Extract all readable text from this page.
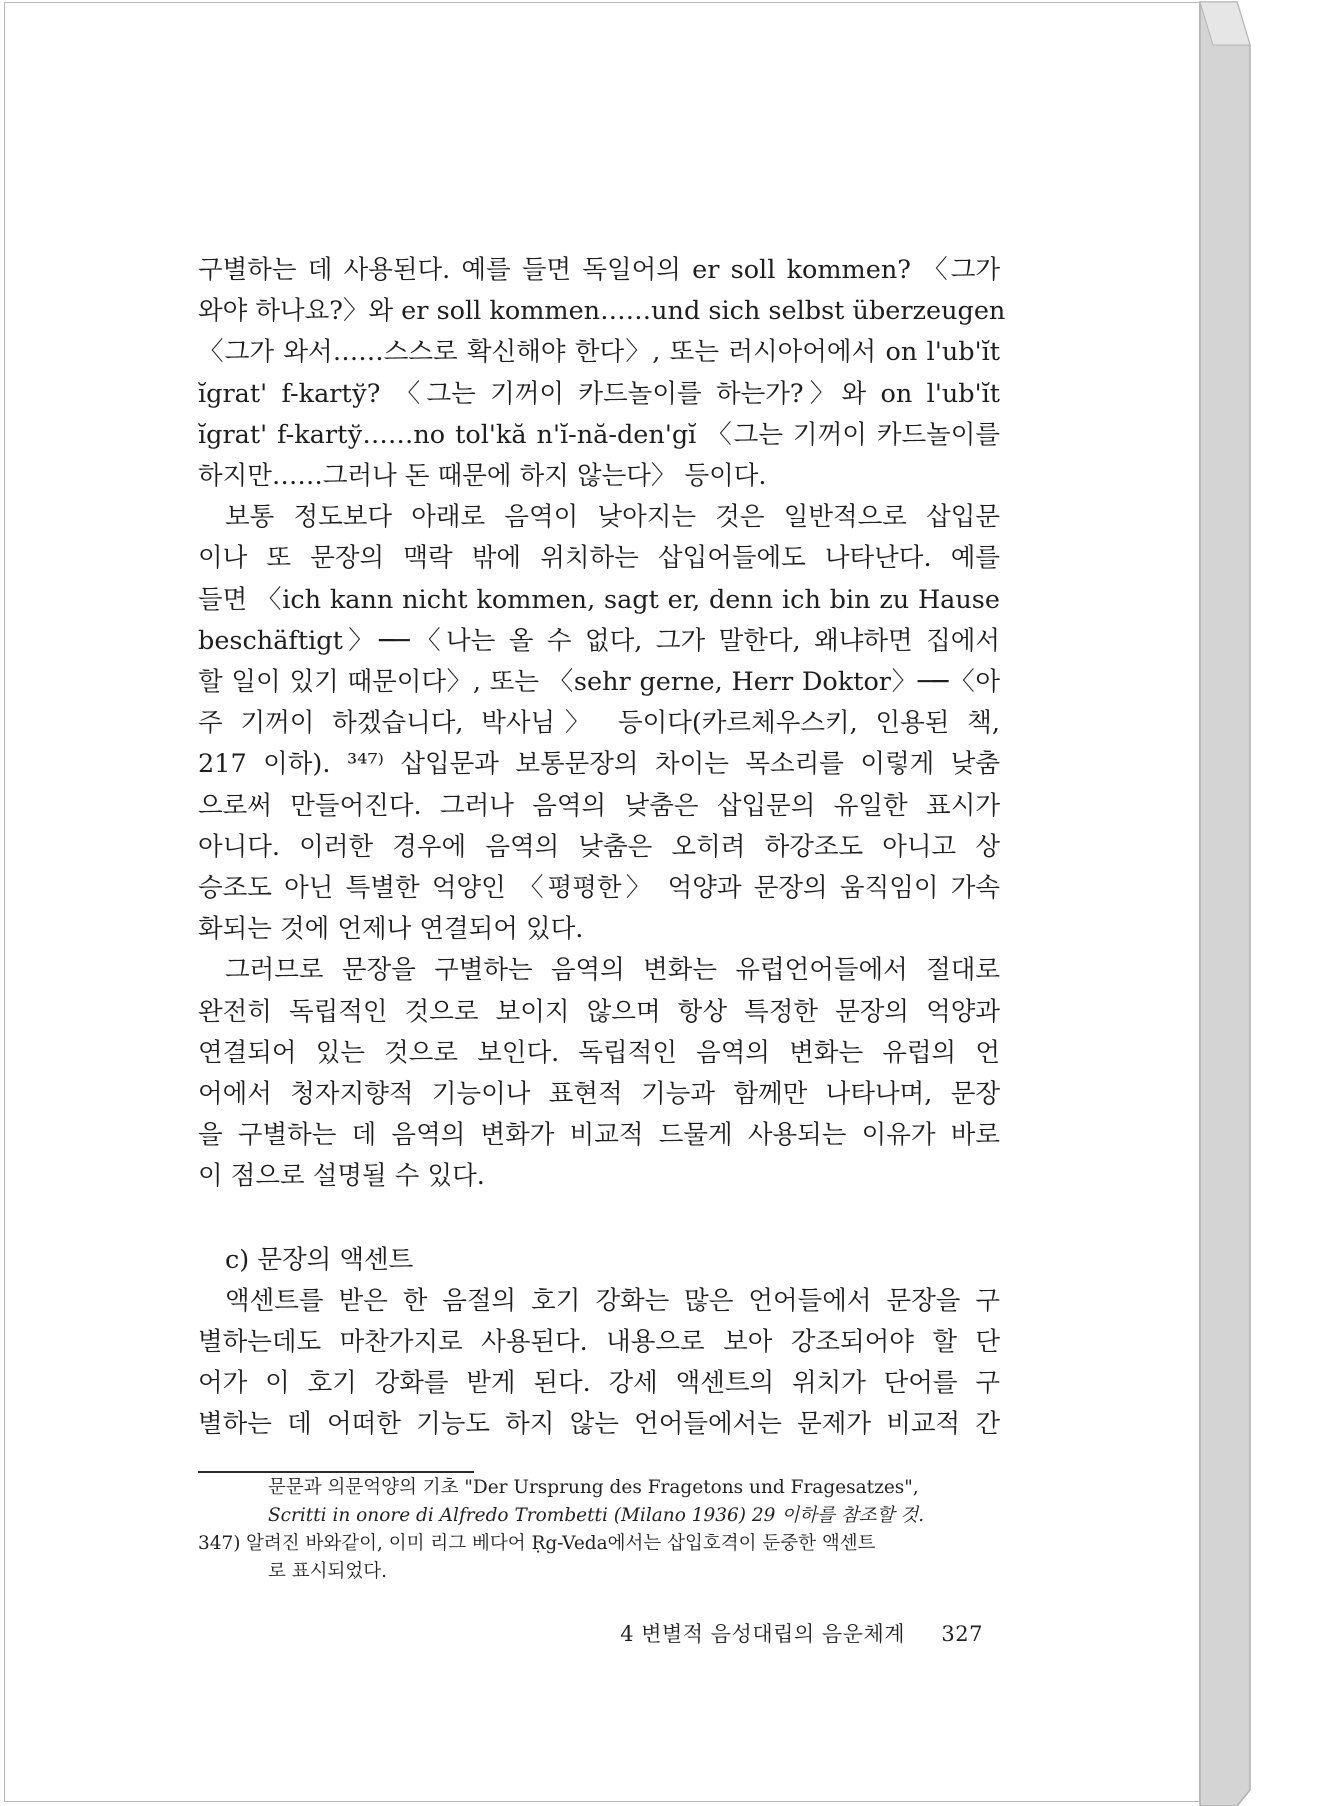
구별하는 데 사용된다. 예를 들면 독일어의 er soll kommen? 〈그가
와야 하나요?〉와 er soll kommen……und sich selbst überzeugen
〈그가 와서……스스로 확신해야 한다〉, 또는 러시아어에서 on l'ub'ĭt
ĭgrat' f-kartў? 〈그는 기꺼이 카드놀이를 하는가?〉와 on l'ub'ĭt
ĭgrat' f-kartў……no tol'kă n'ĭ-nă-den'gĭ 〈그는 기꺼이 카드놀이를
하지만……그러나 돈 때문에 하지 않는다〉 등이다.

보통 정도보다 아래로 음역이 낮아지는 것은 일반적으로 삽입문
이나 또 문장의 맥락 밖에 위치하는 삽입어들에도 나타난다. 예를
들면 〈ich kann nicht kommen, sagt er, denn ich bin zu Hause
beschäftigt〉──〈나는 올 수 없다, 그가 말한다, 왜냐하면 집에서
할 일이 있기 때문이다〉, 또는 〈sehr gerne, Herr Doktor〉──〈아
주 기꺼이 하겠습니다, 박사님〉 등이다(카르체우스키, 인용된 책,
217 이하). ³⁴⁷⁾ 삽입문과 보통문장의 차이는 목소리를 이렇게 낮춤
으로써 만들어진다. 그러나 음역의 낮춤은 삽입문의 유일한 표시가
아니다. 이러한 경우에 음역의 낮춤은 오히려 하강조도 아니고 상
승조도 아닌 특별한 억양인 〈평평한〉 억양과 문장의 움직임이 가속
화되는 것에 언제나 연결되어 있다.

그러므로 문장을 구별하는 음역의 변화는 유럽언어들에서 절대로
완전히 독립적인 것으로 보이지 않으며 항상 특정한 문장의 억양과
연결되어 있는 것으로 보인다. 독립적인 음역의 변화는 유럽의 언
어에서 청자지향적 기능이나 표현적 기능과 함께만 나타나며, 문장
을 구별하는 데 음역의 변화가 비교적 드물게 사용되는 이유가 바로
이 점으로 설명될 수 있다.

c) 문장의 액센트

액센트를 받은 한 음절의 호기 강화는 많은 언어들에서 문장을 구
별하는데도 마찬가지로 사용된다. 내용으로 보아 강조되어야 할 단
어가 이 호기 강화를 받게 된다. 강세 액센트의 위치가 단어를 구
별하는 데 어떠한 기능도 하지 않는 언어들에서는 문제가 비교적 간

문문과 의문억양의 기초 "Der Ursprung des Fragetons und Fragesatzes",
Scritti in onore di Alfredo Trombetti (Milano 1936) 29 이하를 참조할 것.
347) 알려진 바와같이, 이미 리그 베다어 Ṛg-Veda에서는 삽입호격이 둔중한 액센트
로 표시되었다.
4 변별적 음성대립의 음운체계 327
